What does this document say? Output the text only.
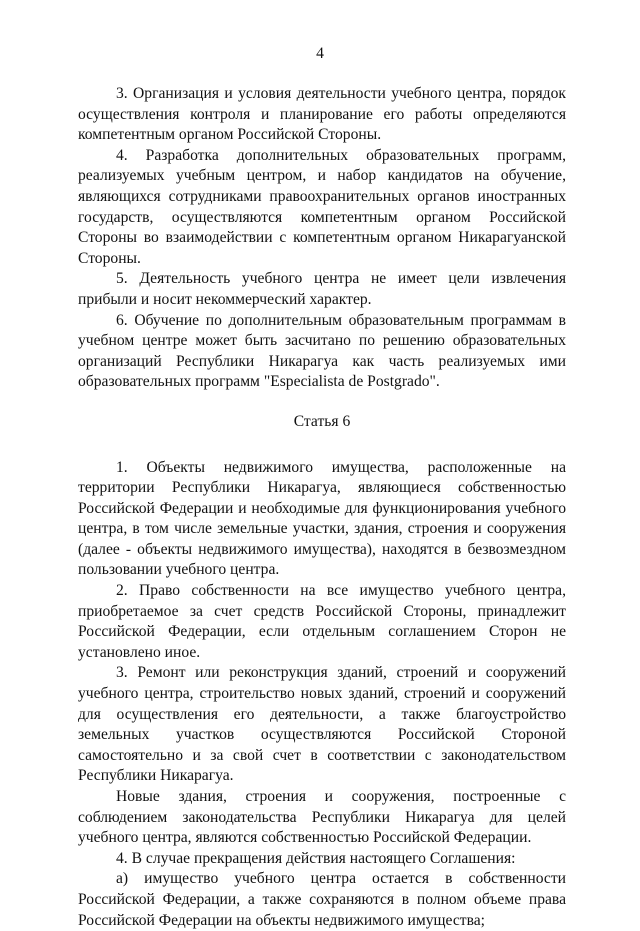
4

3. Организация и условия деятельности учебного центра, порядок осуществления контроля и планирование его работы определяются компетентным органом Российской Стороны.

4. Разработка дополнительных образовательных программ, реализуемых учебным центром, и набор кандидатов на обучение, являющихся сотрудниками правоохранительных органов иностранных государств, осуществляются компетентным органом Российской Стороны во взаимодействии с компетентным органом Никарагуанской Стороны.

5. Деятельность учебного центра не имеет цели извлечения прибыли и носит некоммерческий характер.

6. Обучение по дополнительным образовательным программам в учебном центре может быть засчитано по решению образовательных организаций Республики Никарагуа как часть реализуемых ими образовательных программ "Especialista de Postgrado".

Статья 6

1. Объекты недвижимого имущества, расположенные на территории Республики Никарагуа, являющиеся собственностью Российской Федерации и необходимые для функционирования учебного центра, в том числе земельные участки, здания, строения и сооружения (далее - объекты недвижимого имущества), находятся в безвозмездном пользовании учебного центра.

2. Право собственности на все имущество учебного центра, приобретаемое за счет средств Российской Стороны, принадлежит Российской Федерации, если отдельным соглашением Сторон не установлено иное.

3. Ремонт или реконструкция зданий, строений и сооружений учебного центра, строительство новых зданий, строений и сооружений для осуществления его деятельности, а также благоустройство земельных участков осуществляются Российской Стороной самостоятельно и за свой счет в соответствии с законодательством Республики Никарагуа.

Новые здания, строения и сооружения, построенные с соблюдением законодательства Республики Никарагуа для целей учебного центра, являются собственностью Российской Федерации.

4. В случае прекращения действия настоящего Соглашения:

а) имущество учебного центра остается в собственности Российской Федерации, а также сохраняются в полном объеме права Российской Федерации на объекты недвижимого имущества;
